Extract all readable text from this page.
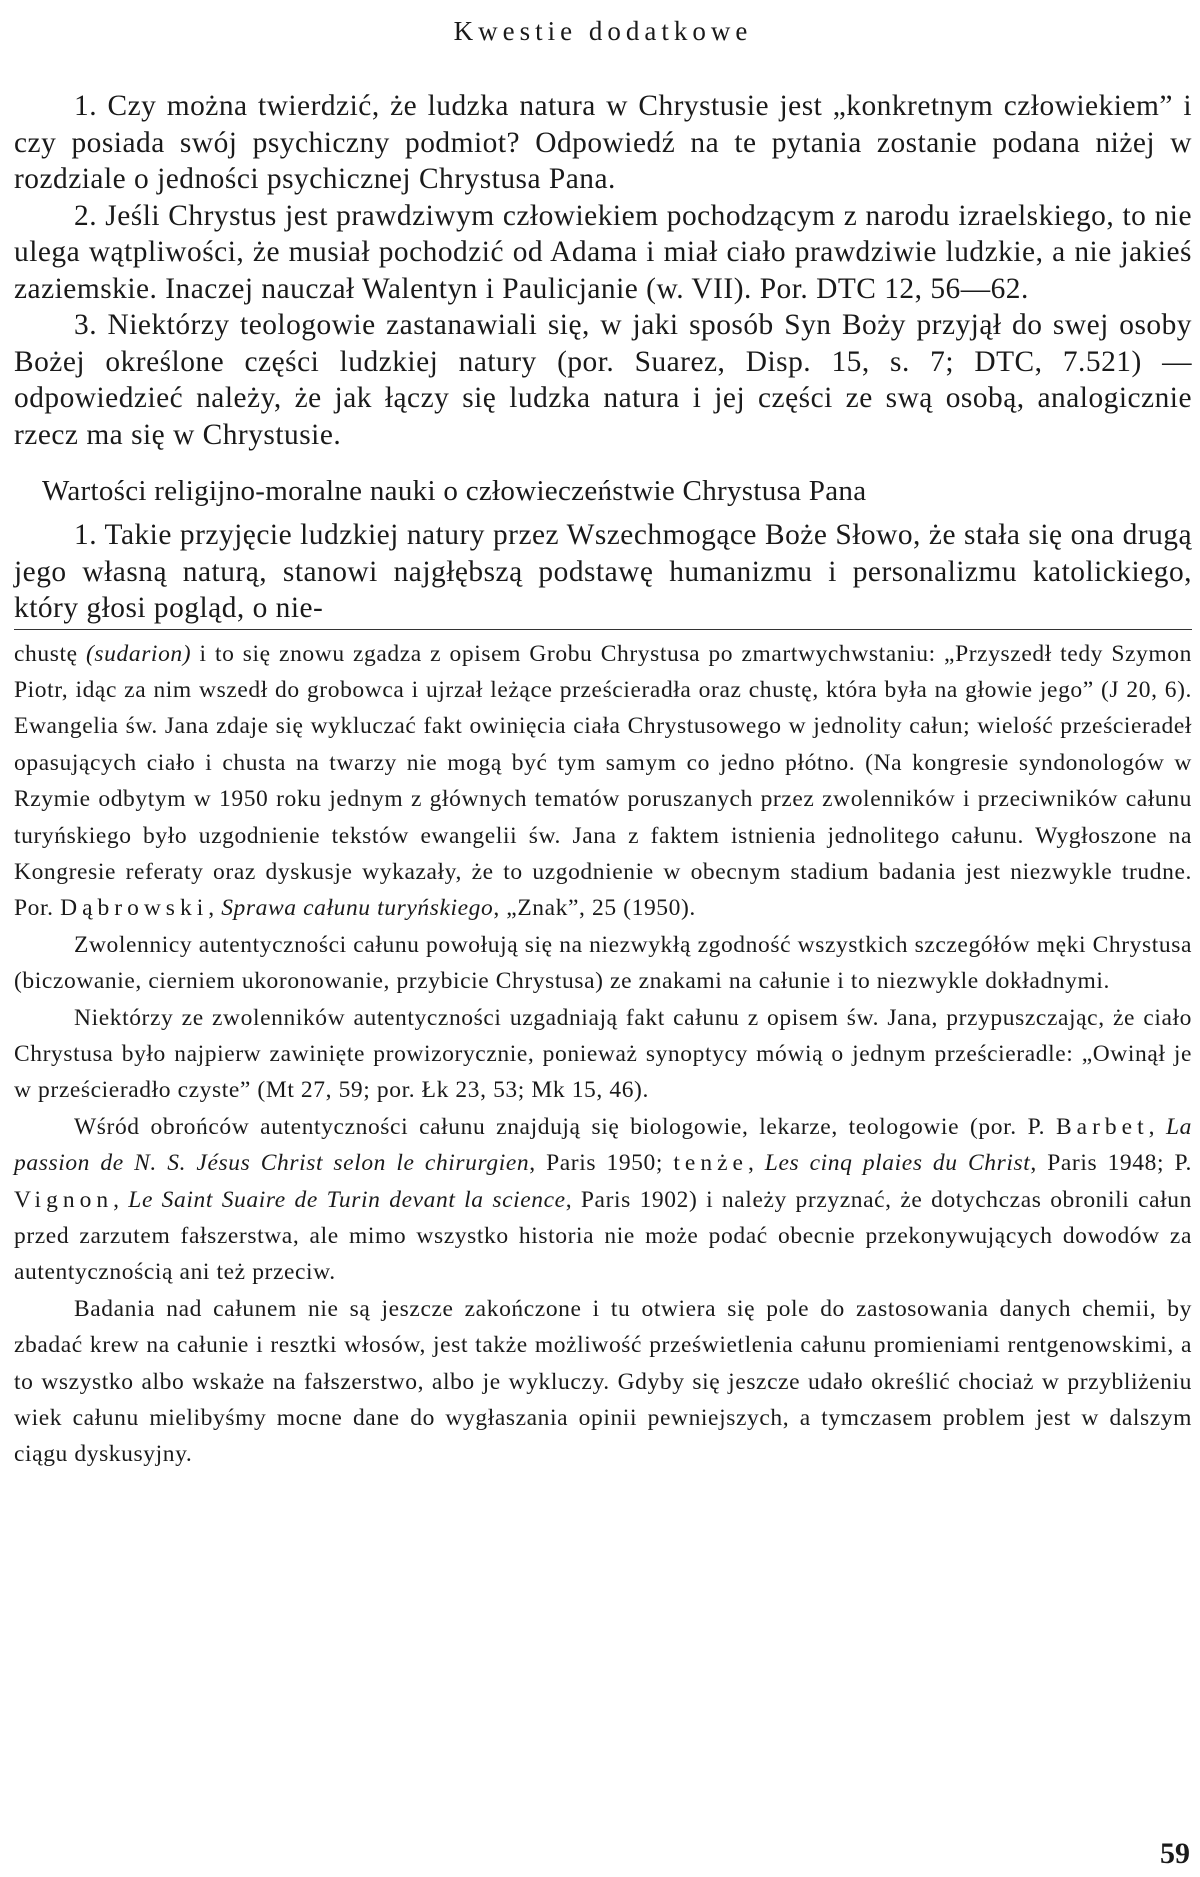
Kwestie dodatkowe

1. Czy można twierdzić, że ludzka natura w Chrystusie jest „konkretnym człowiekiem” i czy posiada swój psychiczny podmiot? Odpowiedź na te pytania zostanie podana niżej w rozdziale o jedności psychicznej Chrystusa Pana.

2. Jeśli Chrystus jest prawdziwym człowiekiem pochodzącym z narodu izraelskiego, to nie ulega wątpliwości, że musiał pochodzić od Adama i miał ciało prawdziwie ludzkie, a nie jakieś zaziemskie. Inaczej nauczał Walentyn i Paulicjanie (w. VII). Por. DTC 12, 56—62.

3. Niektórzy teologowie zastanawiali się, w jaki sposób Syn Boży przyjął do swej osoby Bożej określone części ludzkiej natury (por. Suarez, Disp. 15, s. 7; DTC, 7.521) — odpowiedzieć należy, że jak łączy się ludzka natura i jej części ze swą osobą, analogicznie rzecz ma się w Chrystusie.

Wartości religijno-moralne nauki o człowieczeństwie Chrystusa Pana

1. Takie przyjęcie ludzkiej natury przez Wszechmogące Boże Słowo, że stała się ona drugą jego własną naturą, stanowi najgłębszą podstawę humanizmu i personalizmu katolickiego, który głosi pogląd, o nie-

chustę (sudarion) i to się znowu zgadza z opisem Grobu Chrystusa po zmartwychwstaniu: „Przyszedł tedy Szymon Piotr, idąc za nim wszedł do grobowca i ujrzał leżące prześcieradła oraz chustę, która była na głowie jego” (J 20, 6). Ewangelia św. Jana zdaje się wykluczać fakt owinięcia ciała Chrystusowego w jednolity całun; wielość prześcieradeł opasujących ciało i chusta na twarzy nie mogą być tym samym co jedno płótno. (Na kongresie syndonologów w Rzymie odbytym w 1950 roku jednym z głównych tematów poruszanych przez zwolenników i przeciwników całunu turyńskiego było uzgodnienie tekstów ewangelii św. Jana z faktem istnienia jednolitego całunu. Wygłoszone na Kongresie referaty oraz dyskusje wykazały, że to uzgodnienie w obecnym stadium badania jest niezwykle trudne. Por. Dąbrowski, Sprawa całunu turyńskiego, „Znak”, 25 (1950).

Zwolennicy autentyczności całunu powołują się na niezwykłą zgodność wszystkich szczegółów męki Chrystusa (biczowanie, cierniem ukoronowanie, przybicie Chrystusa) ze znakami na całunie i to niezwykle dokładnymi.

Niektórzy ze zwolenników autentyczności uzgadniają fakt całunu z opisem św. Jana, przypuszczając, że ciało Chrystusa było najpierw zawinięte prowizorycznie, ponieważ synoptycy mówią o jednym prześcieradle: „Owinął je w prześcieradło czyste” (Mt 27, 59; por. Łk 23, 53; Mk 15, 46).

Wśród obrońców autentyczności całunu znajdują się biologowie, lekarze, teologowie (por. P. Barbet, La passion de N. S. Jésus Christ selon le chirurgien, Paris 1950; tenże, Les cinq plaies du Christ, Paris 1948; P. Vignon, Le Saint Suaire de Turin devant la science, Paris 1902) i należy przyznać, że dotychczas obronili całun przed zarzutem fałszerstwa, ale mimo wszystko historia nie może podać obecnie przekonywujących dowodów za autentycznością ani też przeciw.

Badania nad całunem nie są jeszcze zakończone i tu otwiera się pole do zastosowania danych chemii, by zbadać krew na całunie i resztki włosów, jest także możliwość prześwietlenia całunu promieniami rentgenowskimi, a to wszystko albo wskaże na fałszerstwo, albo je wykluczy. Gdyby się jeszcze udało określić chociaż w przybliżeniu wiek całunu mielibyśmy mocne dane do wygłaszania opinii pewniejszych, a tymczasem problem jest w dalszym ciągu dyskusyjny.

59
